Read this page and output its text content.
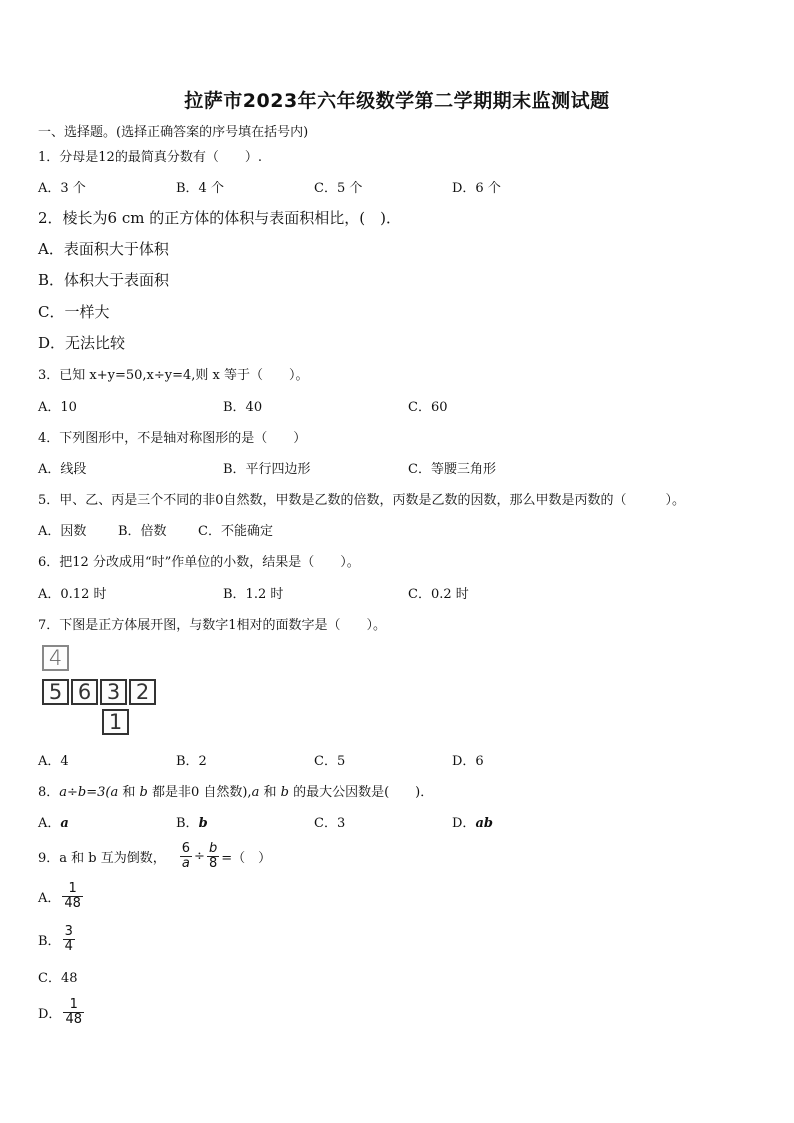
拉萨市2023年六年级数学第二学期期末监测试题
一、选择题。(选择正确答案的序号填在括号内)
1．分母是12的最简真分数有（　　）.
A．3 个	B．4 个	C．5 个	D．6 个
2．棱长为6 cm 的正方体的体积与表面积相比，(　)．
A．表面积大于体积
B．体积大于表面积
C．一样大
D．无法比较
3．已知 x+y=50,x÷y=4,则 x 等于（　　）。
A．10	B．40	C．60
4．下列图形中，不是轴对称图形的是（　　）
A．线段	B．平行四边形	C．等腰三角形
5．甲、乙、丙是三个不同的非0自然数，甲数是乙数的倍数，丙数是乙数的因数，那么甲数是丙数的（　　　）。
A．因数 B．倍数 C．不能确定
6．把12 分改成用“时”作单位的小数，结果是（　　）。
A．0.12 时	B．1.2 时	C．0.2 时
7．下图是正方体展开图，与数字1相对的面数字是（　　）。
4
5 6 3 2
1
A．4	B．2	C．5	D．6
8．a÷b=3(a 和 b 都是非0 自然数),a 和 b 的最大公因数是(　　)．
A．a	B．b	C．3	D．ab
9．a 和 b 互为倒数， $\frac{6}{a} \div \frac{b}{8}$ =（　）
A． $\frac{1}{48}$
B． $\frac{3}{4}$
C．48
D． $\frac{1}{48}$
